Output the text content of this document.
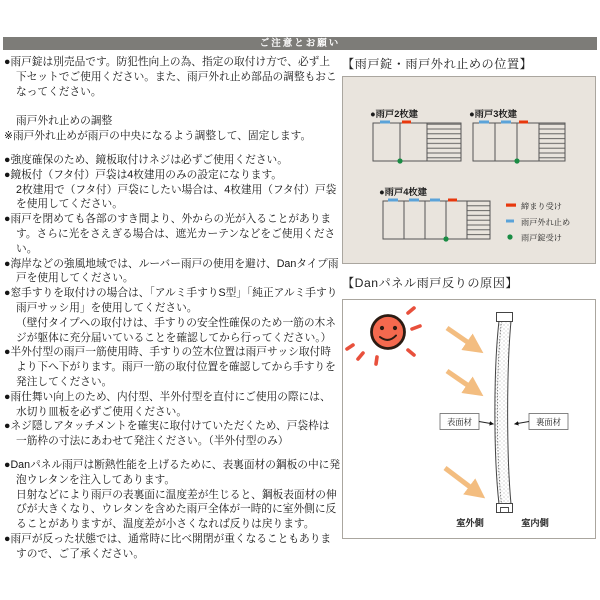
ご注意とお願い

●雨戸錠は別売品です。防犯性向上の為、指定の取付け方で、必ず上下セットでご使用ください。また、雨戸外れ止め部品の調整もおこなってください。

雨戸外れ止めの調整

※雨戸外れ止めが雨戸の中央になるよう調整して、固定します。

●強度確保のため、鏡板取付けネジは必ずご使用ください。

●鏡板付（フタ付）戸袋は4枚建用のみの設定になります。
2枚建用で（フタ付）戸袋にしたい場合は、4枚建用（フタ付）戸袋を使用してください。

●雨戸を閉めても各部のすき間より、外からの光が入ることがあります。さらに光をさえぎる場合は、遮光カーテンなどをご使用ください。

●海岸などの強風地域では、ルーバー雨戸の使用を避け、Danタイプ雨戸を使用してください。

●窓手すりを取付けの場合は、「アルミ手すりS型」「純正アルミ手すり雨戸サッシ用」を使用してください。
（壁付タイプへの取付けは、手すりの安全性確保のため一筋の木ネジが躯体に充分届いていることを確認してから行ってください。）

●半外付型の雨戸一筋使用時、手すりの笠木位置は雨戸サッシ取付時より下へ下がります。雨戸一筋の取付位置を確認してから手すりを発注してください。

●雨仕舞い向上のため、内付型、半外付型を直付にご使用の際には、水切り皿板を必ずご使用ください。

●ネジ隠しアタッチメントを確実に取付けていただくため、戸袋枠は一筋枠の寸法にあわせて発注ください。（半外付型のみ）

●Danパネル雨戸は断熱性能を上げるために、表裏面材の鋼板の中に発泡ウレタンを注入してあります。
日射などにより雨戸の表裏面に温度差が生じると、鋼板表面材の伸びが大きくなり、ウレタンを含めた雨戸全体が一時的に室外側に反ることがありますが、温度差が小さくなれば反りは戻ります。

●雨戸が反った状態では、通常時に比べ開閉が重くなることもありますので、ご了承ください。

【雨戸錠・雨戸外れ止めの位置】

●雨戸2枚建	●雨戸3枚建
●雨戸4枚建
締まり受け
雨戸外れ止め
雨戸錠受け

【Danパネル雨戸反りの原因】

表面材	裏面材
室外側	室内側
